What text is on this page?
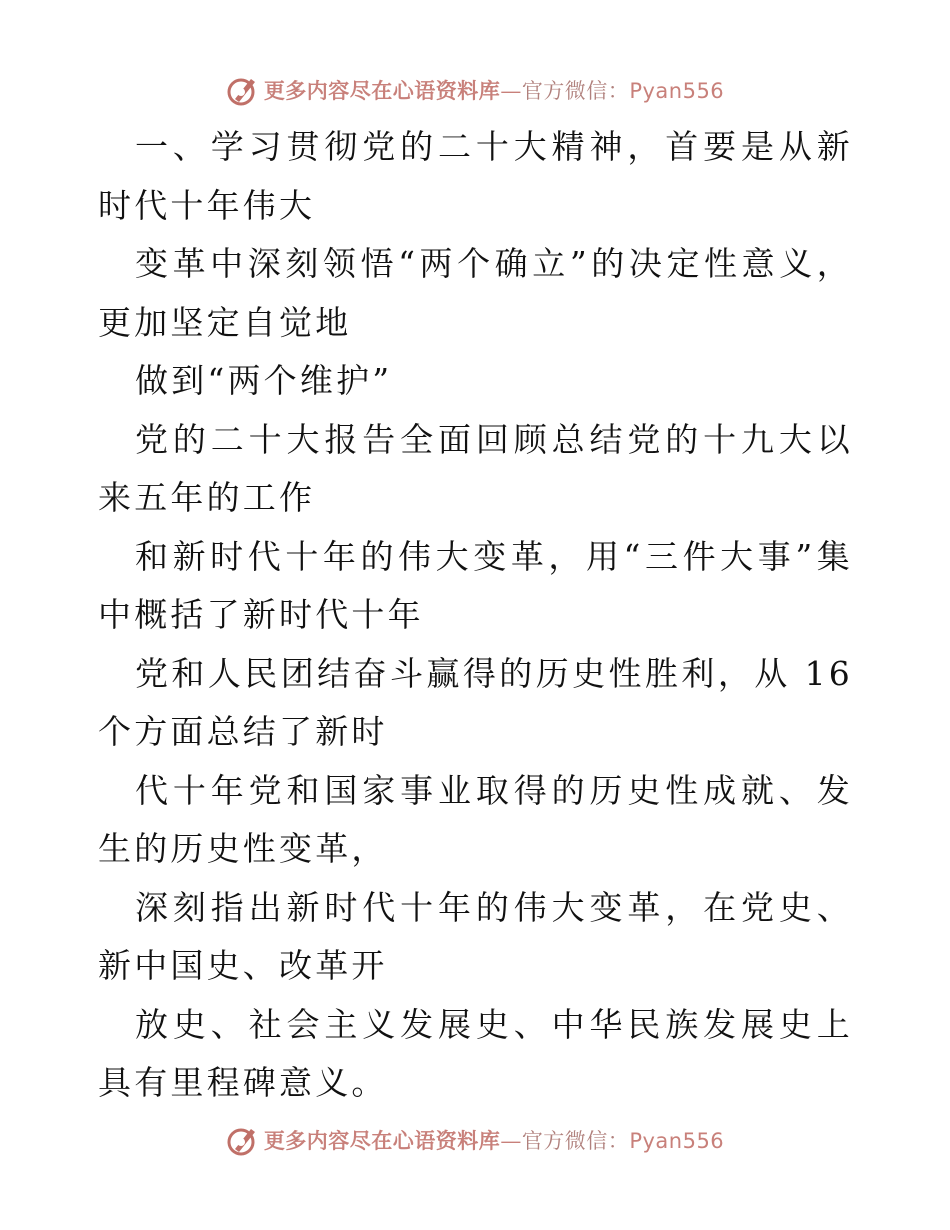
更多内容尽在心语资料库—官方微信：Pyan556

一、学习贯彻党的二十大精神，首要是从新时代十年伟大

变革中深刻领悟“两个确立”的决定性意义，更加坚定自觉地

做到“两个维护”

党的二十大报告全面回顾总结党的十九大以来五年的工作

和新时代十年的伟大变革，用“三件大事”集中概括了新时代十年

党和人民团结奋斗赢得的历史性胜利，从 16 个方面总结了新时

代十年党和国家事业取得的历史性成就、发生的历史性变革，

深刻指出新时代十年的伟大变革，在党史、新中国史、改革开

放史、社会主义发展史、中华民族发展史上具有里程碑意义。

更多内容尽在心语资料库—官方微信：Pyan556
